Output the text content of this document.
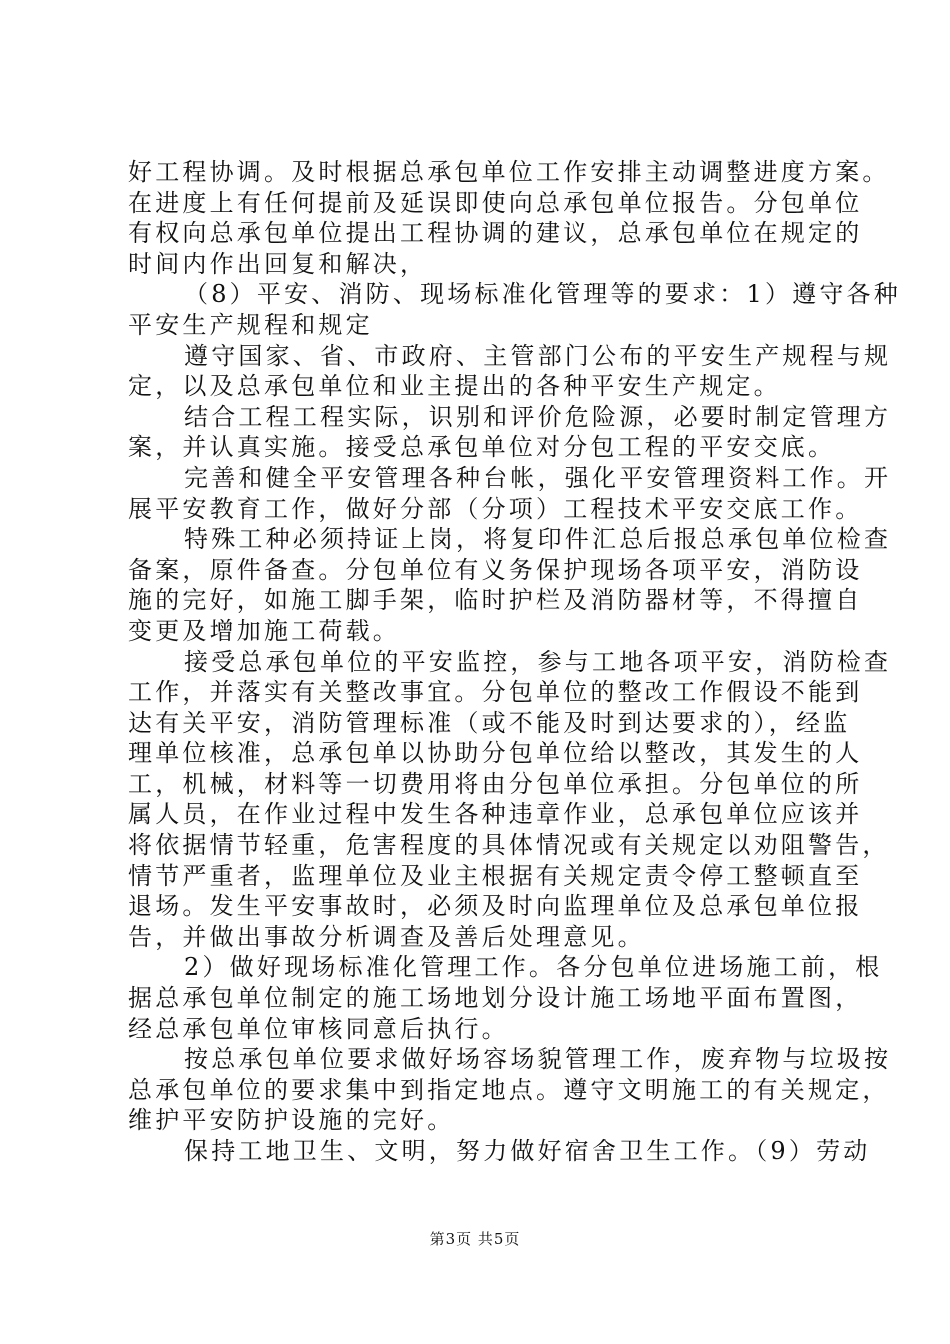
好工程协调。及时根据总承包单位工作安排主动调整进度方案。
在进度上有任何提前及延误即使向总承包单位报告。分包单位
有权向总承包单位提出工程协调的建议，总承包单位在规定的
时间内作出回复和解决，
（8）平安、消防、现场标准化管理等的要求：1）遵守各种
平安生产规程和规定
遵守国家、省、市政府、主管部门公布的平安生产规程与规
定，以及总承包单位和业主提出的各种平安生产规定。
结合工程工程实际，识别和评价危险源，必要时制定管理方
案，并认真实施。接受总承包单位对分包工程的平安交底。
完善和健全平安管理各种台帐，强化平安管理资料工作。开
展平安教育工作，做好分部（分项）工程技术平安交底工作。
特殊工种必须持证上岗，将复印件汇总后报总承包单位检查
备案，原件备查。分包单位有义务保护现场各项平安，消防设
施的完好，如施工脚手架，临时护栏及消防器材等，不得擅自
变更及增加施工荷载。
接受总承包单位的平安监控，参与工地各项平安，消防检查
工作，并落实有关整改事宜。分包单位的整改工作假设不能到
达有关平安，消防管理标准（或不能及时到达要求的），经监
理单位核准，总承包单以协助分包单位给以整改，其发生的人
工，机械，材料等一切费用将由分包单位承担。分包单位的所
属人员，在作业过程中发生各种违章作业，总承包单位应该并
将依据情节轻重，危害程度的具体情况或有关规定以劝阻警告，
情节严重者，监理单位及业主根据有关规定责令停工整顿直至
退场。发生平安事故时，必须及时向监理单位及总承包单位报
告，并做出事故分析调查及善后处理意见。
2）做好现场标准化管理工作。各分包单位进场施工前，根
据总承包单位制定的施工场地划分设计施工场地平面布置图，
经总承包单位审核同意后执行。
按总承包单位要求做好场容场貌管理工作，废弃物与垃圾按
总承包单位的要求集中到指定地点。遵守文明施工的有关规定，
维护平安防护设施的完好。
保持工地卫生、文明，努力做好宿舍卫生工作。（9）劳动
第3页 共5页
